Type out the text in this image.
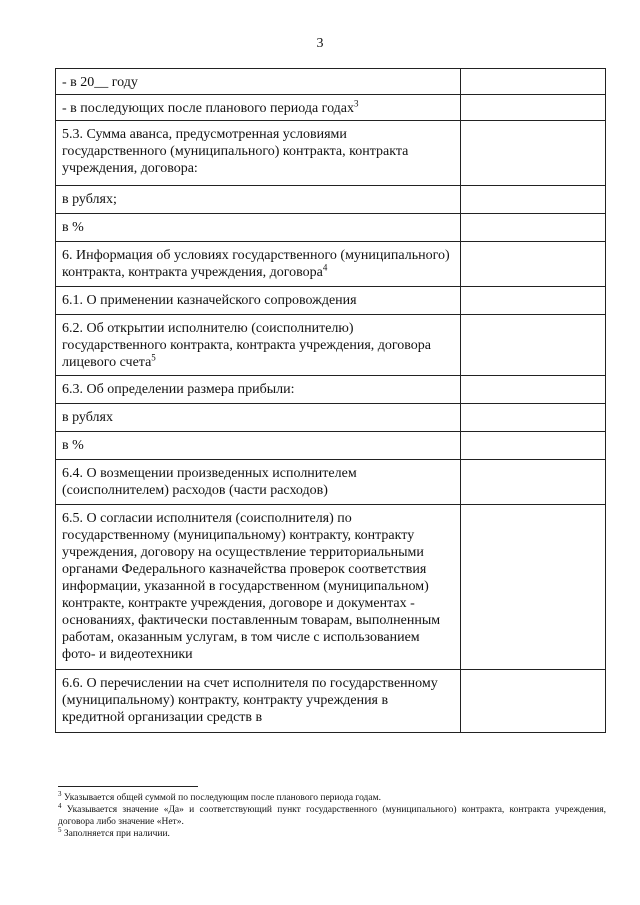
3
- в 20__ году	
- в последующих после планового периода годах$^3$	
5.3. Сумма аванса, предусмотренная условиями государственного (муниципального) контракта, контракта учреждения, договора:	
в рублях;	
в %	
6. Информация об условиях государственного (муниципального) контракта, контракта учреждения, договора$^4$	
6.1. О применении казначейского сопровождения	
6.2. Об открытии исполнителю (соисполнителю) государственного контракта, контракта учреждения, договора лицевого счета$^5$	
6.3. Об определении размера прибыли:	
в рублях	
в %	
6.4. О возмещении произведенных исполнителем (соисполнителем) расходов (части расходов)	
6.5. О согласии исполнителя (соисполнителя) по государственному (муниципальному) контракту, контракту учреждения, договору на осуществление территориальными органами Федерального казначейства проверок соответствия информации, указанной в государственном (муниципальном) контракте, контракте учреждения, договоре и документах - основаниях, фактически поставленным товарам, выполненным работам, оказанным услугам, в том числе с использованием фото- и видеотехники	
6.6. О перечислении на счет исполнителя по государственному (муниципальному) контракту, контракту учреждения в кредитной организации средств в	
$^3$ Указывается общей суммой по последующим после планового периода годам.
$^4$ Указывается значение «Да» и соответствующий пункт государственного (муниципального) контракта, контракта учреждения, договора либо значение «Нет».
$^5$ Заполняется при наличии.
